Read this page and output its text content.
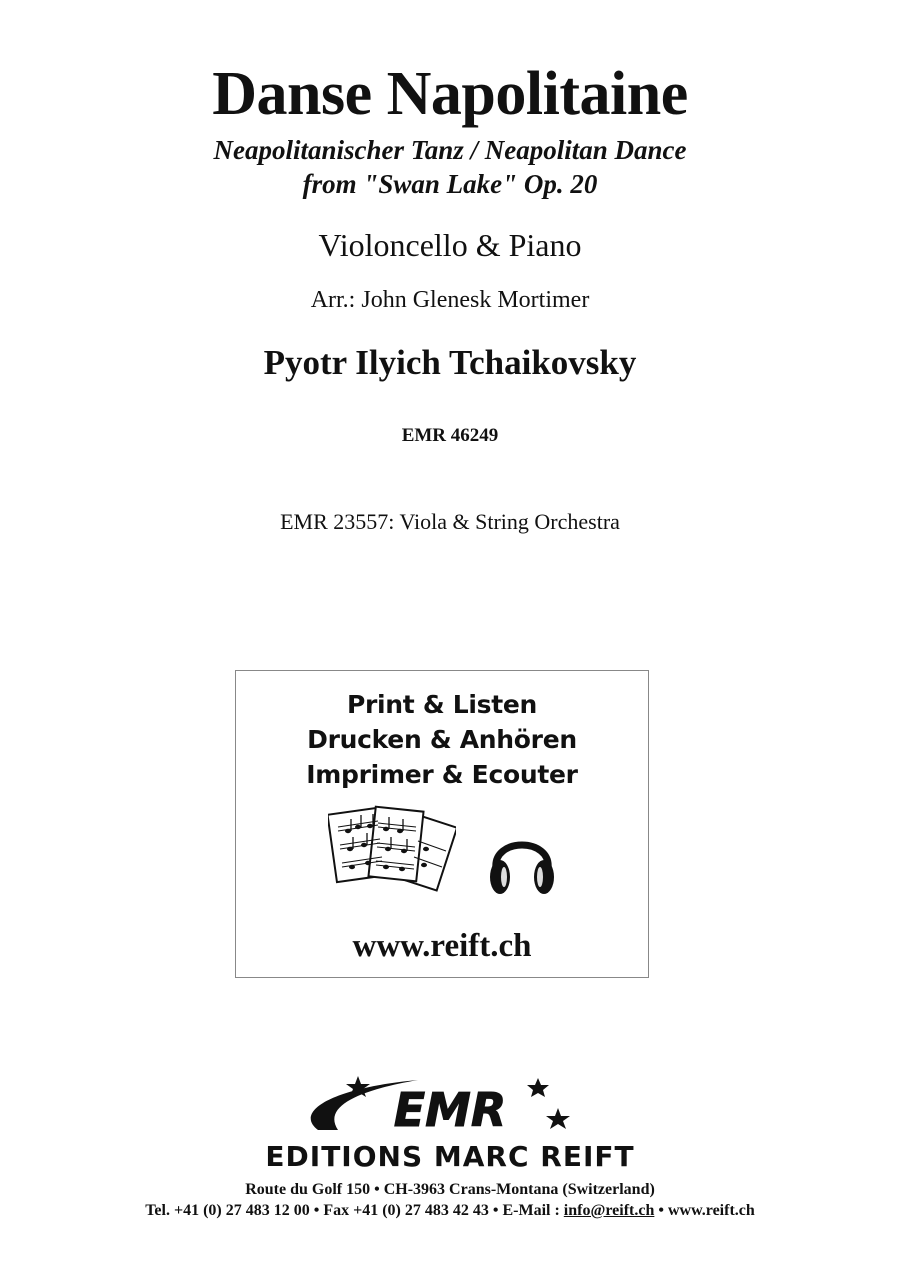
Danse Napolitaine
Neapolitanischer Tanz / Neapolitan Dance
from "Swan Lake" Op. 20
Violoncello & Piano
Arr.: John Glenesk Mortimer
Pyotr Ilyich Tchaikovsky
EMR 46249
EMR 23557: Viola & String Orchestra
Print & Listen
Drucken & Anhören
Imprimer & Ecouter
www.reift.ch
EMR
EDITIONS MARC REIFT
Route du Golf 150 • CH-3963 Crans-Montana (Switzerland)
Tel. +41 (0) 27 483 12 00 • Fax +41 (0) 27 483 42 43 • E-Mail : info@reift.ch • www.reift.ch
